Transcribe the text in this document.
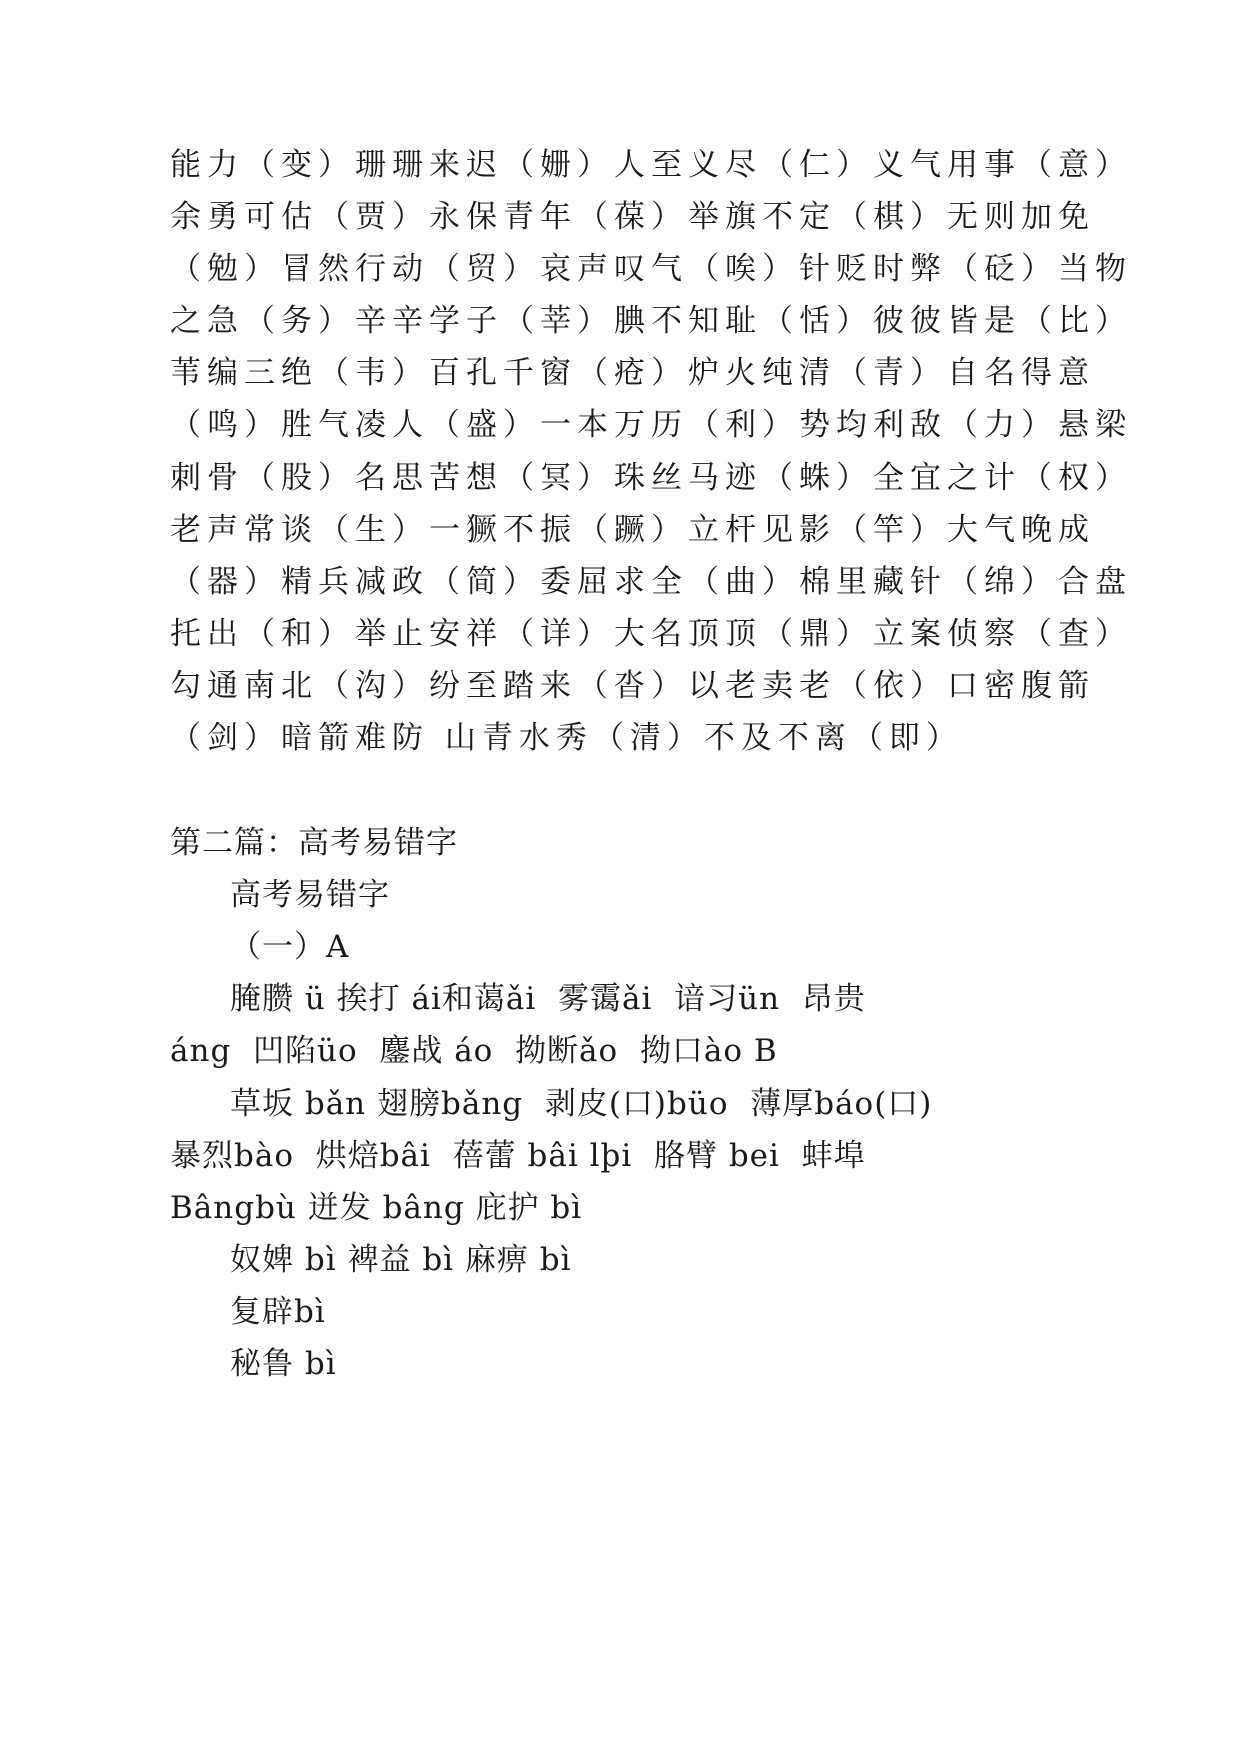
能力（变）珊珊来迟（姗）人至义尽（仁）义气用事（意）
余勇可估（贾）永保青年（葆）举旗不定（棋）无则加免
（勉）冒然行动（贸）哀声叹气（唉）针贬时弊（砭）当物
之急（务）辛辛学子（莘）腆不知耻（恬）彼彼皆是（比）
苇编三绝（韦）百孔千窗（疮）炉火纯清（青）自名得意
（鸣）胜气凌人（盛）一本万历（利）势均利敌（力）悬梁
刺骨（股）名思苦想（冥）珠丝马迹（蛛）全宜之计（权）
老声常谈（生）一獗不振（蹶）立杆见影（竿）大气晚成
（器）精兵减政（简）委屈求全（曲）棉里藏针（绵）合盘
托出（和）举止安祥（详）大名顶顶（鼎）立案侦察（查）
勾通南北（沟）纷至踏来（沓）以老卖老（依）口密腹箭
（剑）暗箭难防 山青水秀（清）不及不离（即）
第二篇：高考易错字
高考易错字
（一）A
腌臜 ü 挨打 ái和蔼ǎi  雾霭ǎi  谙习ün  昂贵
áng  凹陷üo  鏖战 áo  拗断ǎo  拗口ào B
草坂 bǎn 翅膀bǎng  剥皮(口)büo  薄厚báo(口)
暴烈bào  烘焙bâi  蓓蕾 bâi lþi  胳臂 bei  蚌埠
Bângbù 迸发 bâng 庇护 bì
奴婢 bì 裨益 bì 麻痹 bì
复辟bì
秘鲁 bì
